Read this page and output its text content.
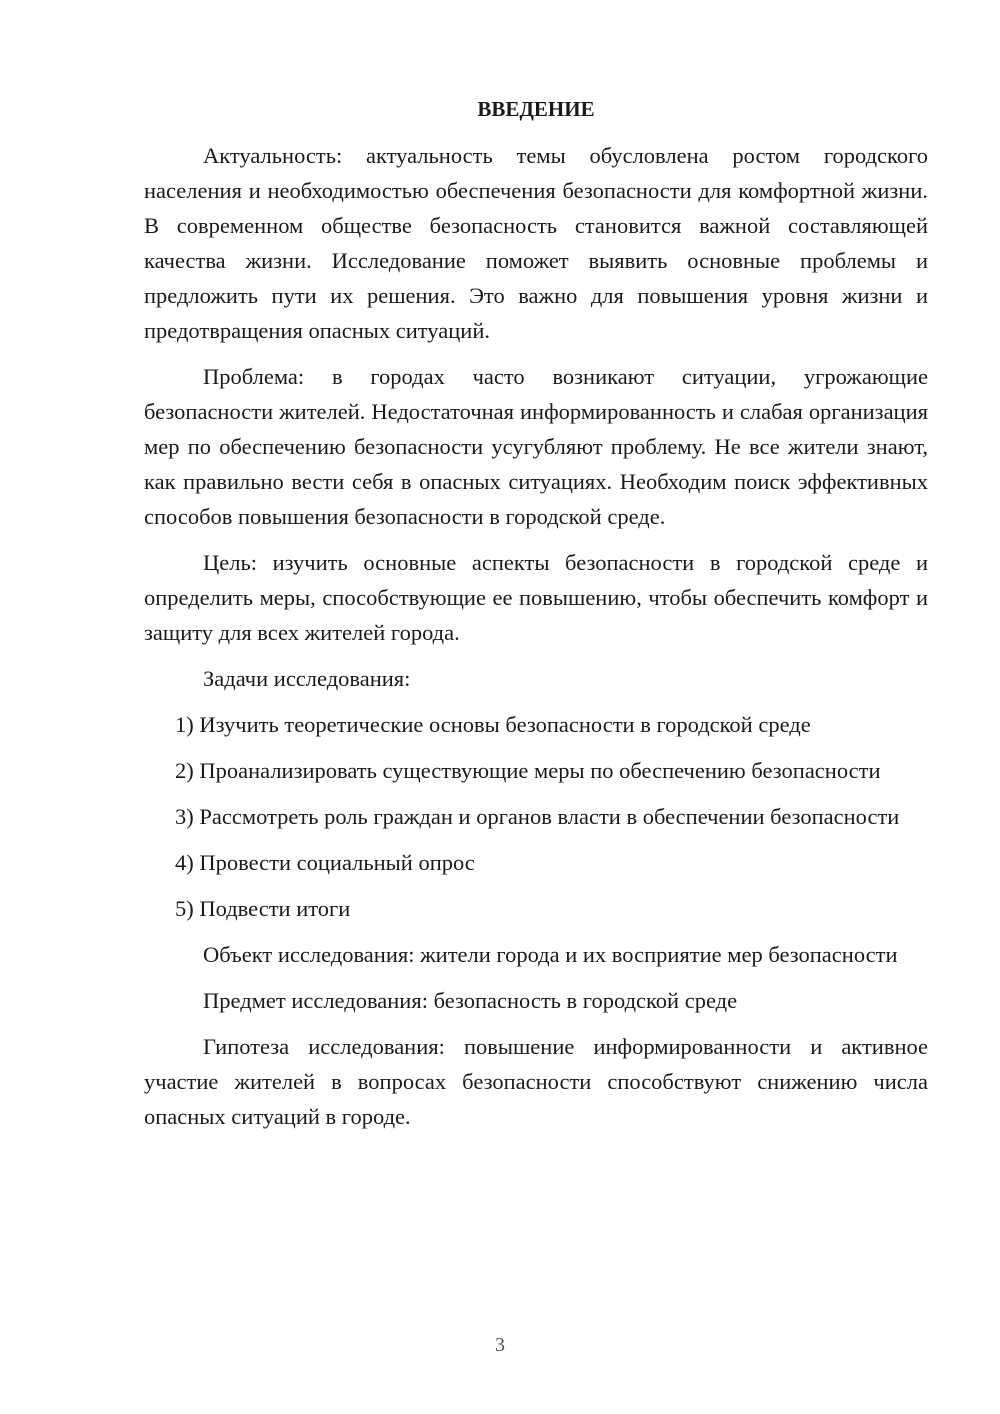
ВВЕДЕНИЕ

Актуальность: актуальность темы обусловлена ростом городского населения и необходимостью обеспечения безопасности для комфортной жизни. В современном обществе безопасность становится важной составляющей качества жизни. Исследование поможет выявить основные проблемы и предложить пути их решения. Это важно для повышения уровня жизни и предотвращения опасных ситуаций.

Проблема: в городах часто возникают ситуации, угрожающие безопасности жителей. Недостаточная информированность и слабая организация мер по обеспечению безопасности усугубляют проблему. Не все жители знают, как правильно вести себя в опасных ситуациях. Необходим поиск эффективных способов повышения безопасности в городской среде.

Цель: изучить основные аспекты безопасности в городской среде и определить меры, способствующие ее повышению, чтобы обеспечить комфорт и защиту для всех жителей города.

Задачи исследования:

1) Изучить теоретические основы безопасности в городской среде

2) Проанализировать существующие меры по обеспечению безопасности

3) Рассмотреть роль граждан и органов власти в обеспечении безопасности

4) Провести социальный опрос

5) Подвести итоги

Объект исследования: жители города и их восприятие мер безопасности

Предмет исследования: безопасность в городской среде

Гипотеза исследования: повышение информированности и активное участие жителей в вопросах безопасности способствуют снижению числа опасных ситуаций в городе.

3
